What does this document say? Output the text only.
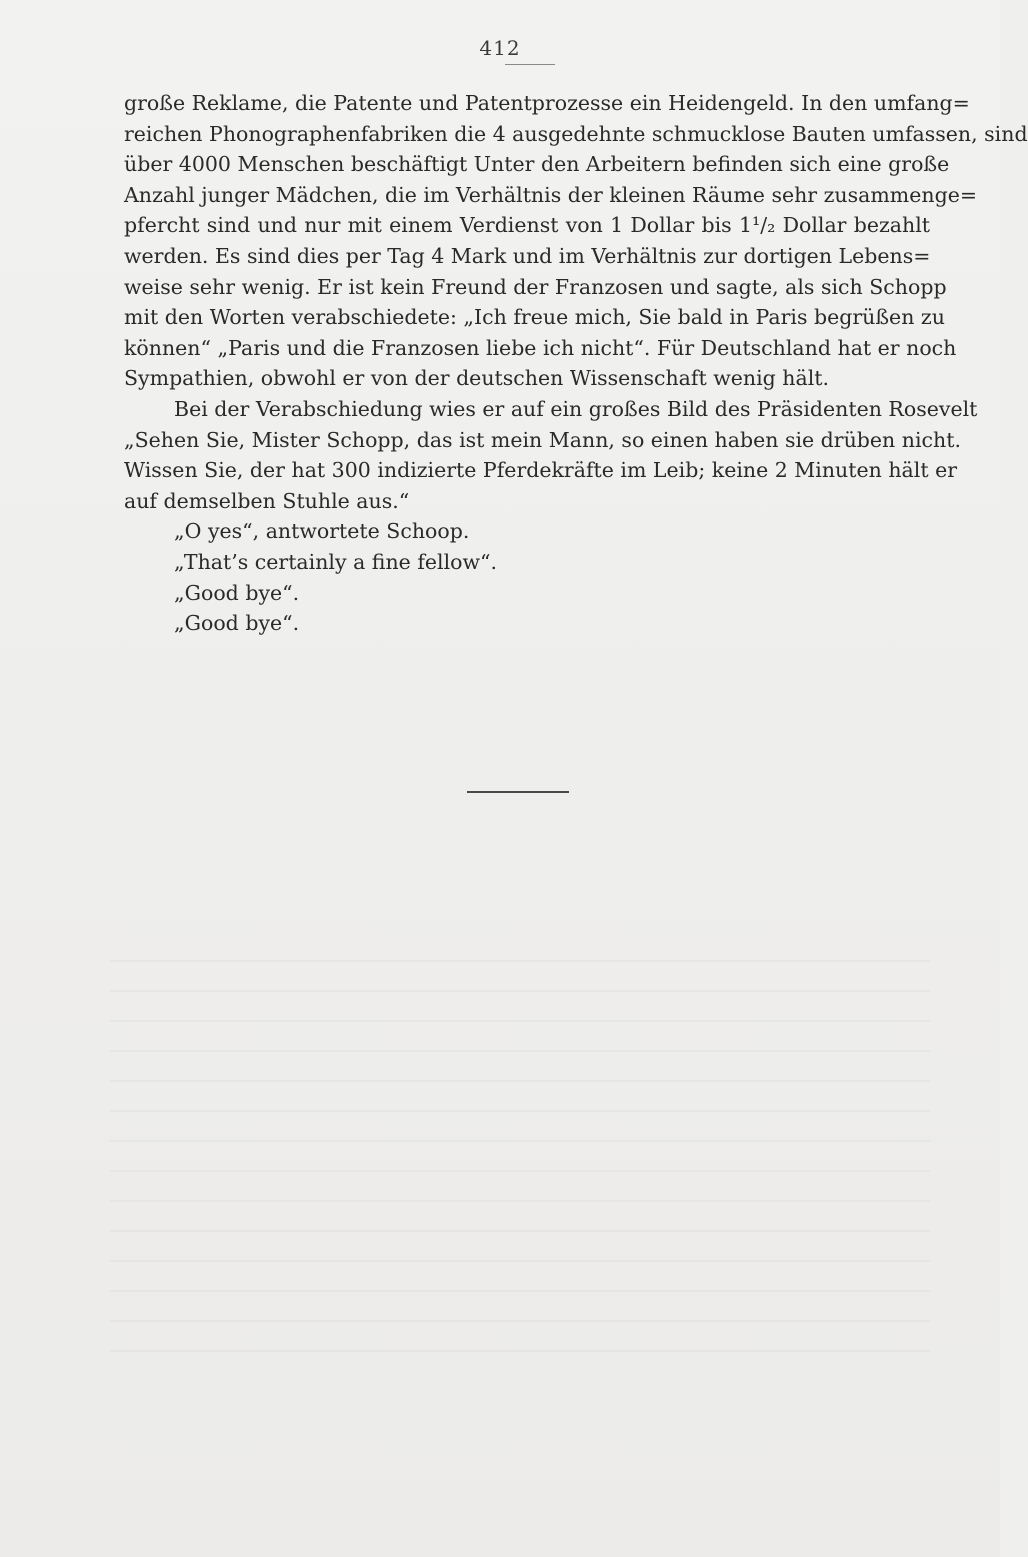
412
große Reklame, die Patente und Patentprozesse ein Heidengeld. In den umfang=
reichen Phonographenfabriken die 4 ausgedehnte schmucklose Bauten umfassen, sind
über 4000 Menschen beschäftigt Unter den Arbeitern befinden sich eine große
Anzahl junger Mädchen, die im Verhältnis der kleinen Räume sehr zusammenge=
pfercht sind und nur mit einem Verdienst von 1 Dollar bis 1¹/₂ Dollar bezahlt
werden. Es sind dies per Tag 4 Mark und im Verhältnis zur dortigen Lebens=
weise sehr wenig. Er ist kein Freund der Franzosen und sagte, als sich Schopp
mit den Worten verabschiedete: „Ich freue mich, Sie bald in Paris begrüßen zu
können“ „Paris und die Franzosen liebe ich nicht“. Für Deutschland hat er noch
Sympathien, obwohl er von der deutschen Wissenschaft wenig hält.
Bei der Verabschiedung wies er auf ein großes Bild des Präsidenten Rosevelt
„Sehen Sie, Mister Schopp, das ist mein Mann, so einen haben sie drüben nicht.
Wissen Sie, der hat 300 indizierte Pferdekräfte im Leib; keine 2 Minuten hält er
auf demselben Stuhle aus.“
„O yes“, antwortete Schoop.
„That’s certainly a fine fellow“.
„Good bye“.
„Good bye“.
